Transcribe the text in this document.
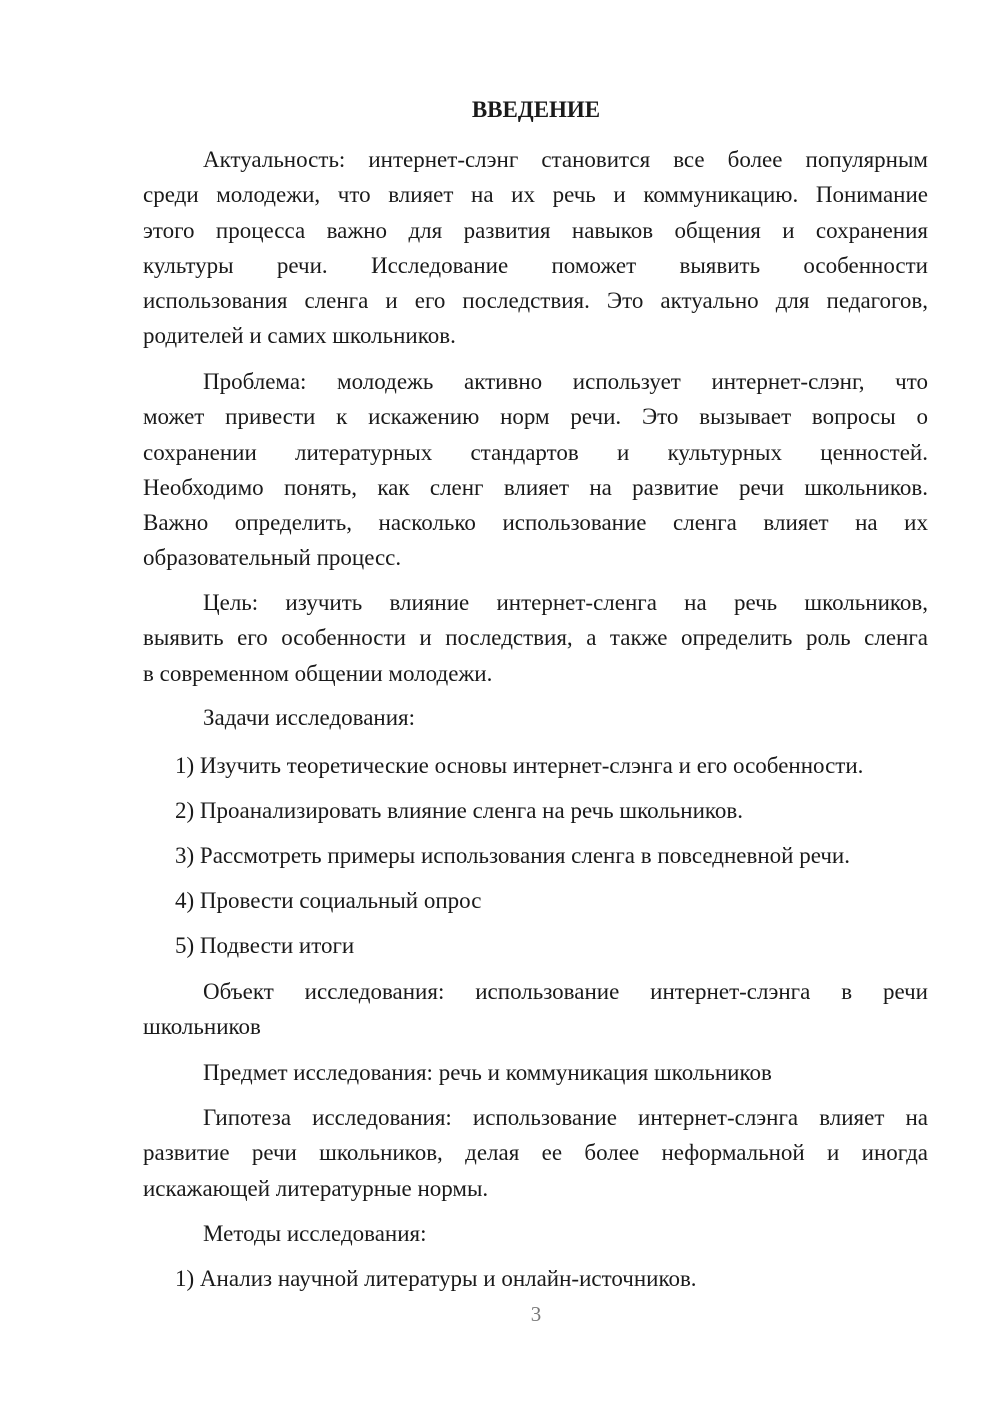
ВВЕДЕНИЕ
Актуальность: интернет-слэнг становится все более популярным
среди молодежи, что влияет на их речь и коммуникацию. Понимание
этого процесса важно для развития навыков общения и сохранения
культуры речи. Исследование поможет выявить особенности
использования сленга и его последствия. Это актуально для педагогов,
родителей и самих школьников.
Проблема: молодежь активно использует интернет-слэнг, что
может привести к искажению норм речи. Это вызывает вопросы о
сохранении литературных стандартов и культурных ценностей.
Необходимо понять, как сленг влияет на развитие речи школьников.
Важно определить, насколько использование сленга влияет на их
образовательный процесс.
Цель: изучить влияние интернет-сленга на речь школьников,
выявить его особенности и последствия, а также определить роль сленга
в современном общении молодежи.
Задачи исследования:
1) Изучить теоретические основы интернет-слэнга и его особенности.
2) Проанализировать влияние сленга на речь школьников.
3) Рассмотреть примеры использования сленга в повседневной речи.
4) Провести социальный опрос
5) Подвести итоги
Объект исследования: использование интернет-слэнга в речи
школьников
Предмет исследования: речь и коммуникация школьников
Гипотеза исследования: использование интернет-слэнга влияет на
развитие речи школьников, делая ее более неформальной и иногда
искажающей литературные нормы.
Методы исследования:
1) Анализ научной литературы и онлайн-источников.
3
